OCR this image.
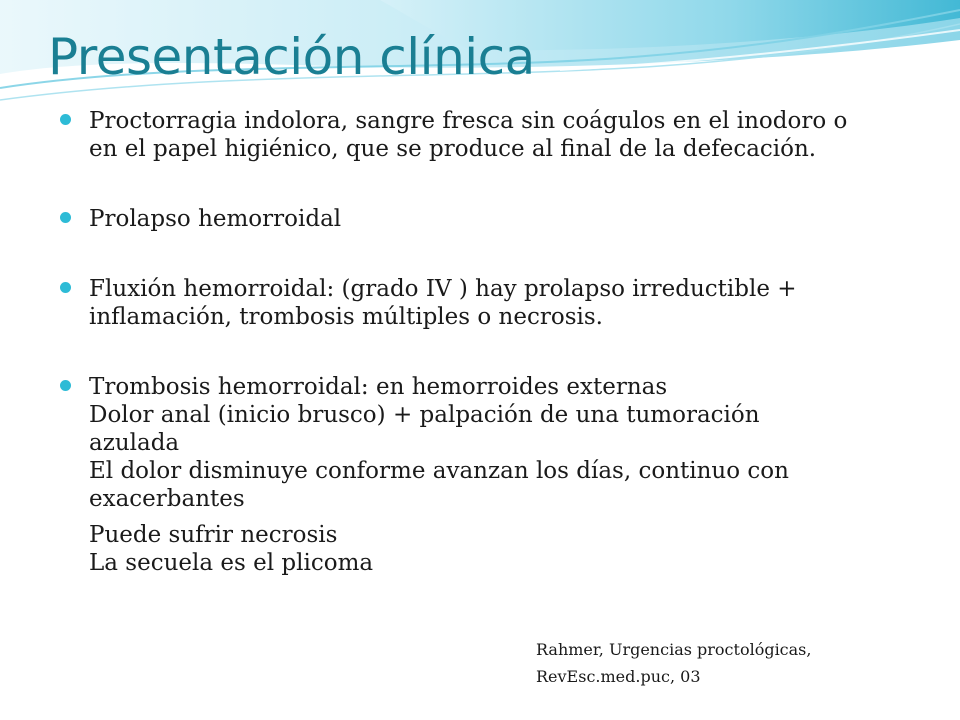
Presentación clínica
Proctorragia indolora, sangre fresca sin coágulos en el inodoro o
en el papel higiénico, que se produce al final de la defecación.
Prolapso hemorroidal
Fluxión hemorroidal: (grado IV ) hay prolapso irreductible +
inflamación, trombosis múltiples o necrosis.
Trombosis hemorroidal: en hemorroides externas
Dolor anal (inicio brusco) + palpación de una tumoración
azulada
El dolor disminuye conforme avanzan los días, continuo con
exacerbantes
Puede sufrir necrosis
La secuela es el plicoma
Rahmer, Urgencias proctológicas,
RevEsc.med.puc, 03
